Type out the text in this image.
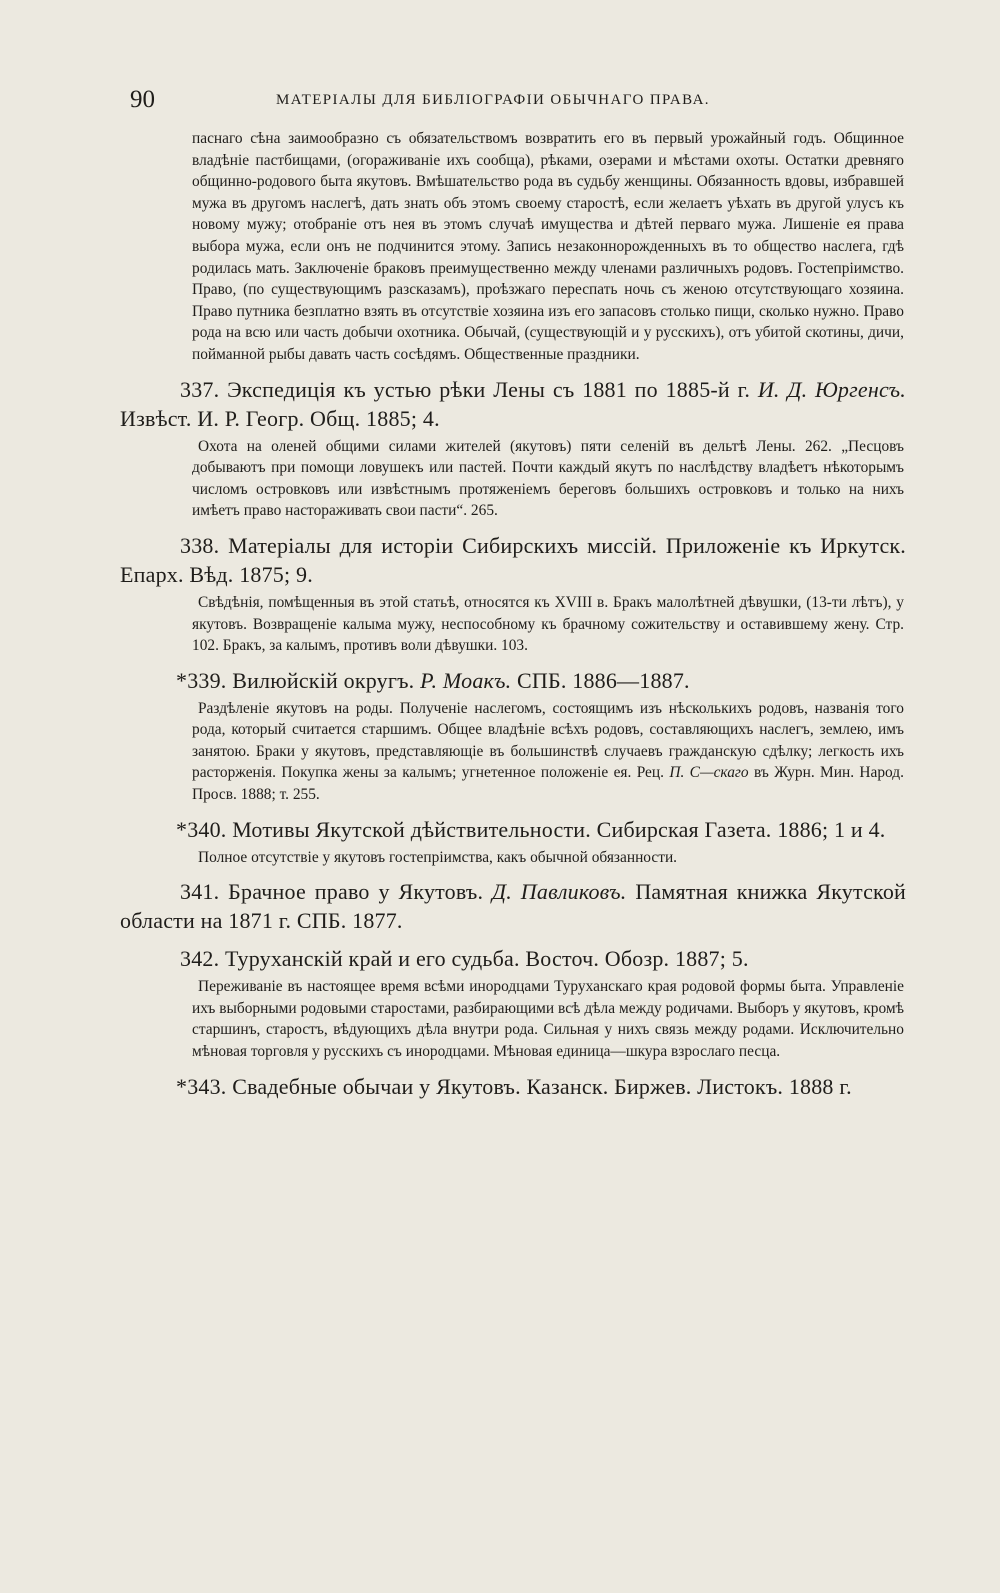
90	МАТЕРІАЛЫ ДЛЯ БИБЛІОГРАФІИ ОБЫЧНАГО ПРАВА.

паснаго сѣна заимообразно съ обязательствомъ возвратить его въ первый урожайный годъ. Общинное владѣніе пастбищами, (огораживаніе ихъ сообща), рѣками, озерами и мѣстами охоты. Остатки древняго общинно-родового быта якутовъ. Вмѣшательство рода въ судьбу женщины. Обязанность вдовы, избравшей мужа въ другомъ наслегѣ, дать знать объ этомъ своему старостѣ, если желаетъ уѣхать въ другой улусъ къ новому мужу; отобраніе отъ нея въ этомъ случаѣ имущества и дѣтей перваго мужа. Лишеніе ея права выбора мужа, если онъ не подчинится этому. Запись незаконнорожденныхъ въ то общество наслега, гдѣ родилась мать. Заключеніе браковъ преимущественно между членами различныхъ родовъ. Гостепріимство. Право, (по существующимъ разсказамъ), проѣзжаго переспать ночь съ женою отсутствующаго хозяина. Право путника безплатно взять въ отсутствіе хозяина изъ его запасовъ столько пищи, сколько нужно. Право рода на всю или часть добычи охотника. Обычай, (существующій и у русскихъ), отъ убитой скотины, дичи, пойманной рыбы давать часть сосѣдямъ. Общественные праздники.

337. Экспедиція къ устью рѣки Лены съ 1881 по 1885-й г. И. Д. Юргенсъ. Извѣст. И. Р. Геогр. Общ. 1885; 4.

Охота на оленей общими силами жителей (якутовъ) пяти селеній въ дельтѣ Лены. 262. „Песцовъ добываютъ при помощи ловушекъ или пастей. Почти каждый якутъ по наслѣдству владѣетъ нѣкоторымъ числомъ островковъ или извѣстнымъ протяженіемъ береговъ большихъ островковъ и только на нихъ имѣетъ право настораживать свои пасти“. 265.

338. Матеріалы для исторіи Сибирскихъ миссій. Приложеніе къ Иркутск. Епарх. Вѣд. 1875; 9.

Свѣдѣнія, помѣщенныя въ этой статьѣ, относятся къ XVIII в. Бракъ малолѣтней дѣвушки, (13-ти лѣтъ), у якутовъ. Возвращеніе калыма мужу, неспособному къ брачному сожительству и оставившему жену. Стр. 102. Бракъ, за калымъ, противъ воли дѣвушки. 103.

*339. Вилюйскій округъ. Р. Моакъ. СПБ. 1886—1887.

Раздѣленіе якутовъ на роды. Полученіе наслегомъ, состоящимъ изъ нѣсколькихъ родовъ, названія того рода, который считается старшимъ. Общее владѣніе всѣхъ родовъ, составляющихъ наслегъ, землею, имъ занятою. Браки у якутовъ, представляющіе въ большинствѣ случаевъ гражданскую сдѣлку; легкость ихъ расторженія. Покупка жены за калымъ; угнетенное положеніе ея. Рец. П. С—скаго въ Журн. Мин. Народ. Просв. 1888; т. 255.

*340. Мотивы Якутской дѣйствительности. Сибирская Газета. 1886; 1 и 4.

Полное отсутствіе у якутовъ гостепріимства, какъ обычной обязанности.

341. Брачное право у Якутовъ. Д. Павликовъ. Памятная книжка Якутской области на 1871 г. СПБ. 1877.

342. Туруханскій край и его судьба. Восточ. Обозр. 1887; 5.

Переживаніе въ настоящее время всѣми инородцами Туруханскаго края родовой формы быта. Управленіе ихъ выборными родовыми старостами, разбирающими всѣ дѣла между родичами. Выборъ у якутовъ, кромѣ старшинъ, старостъ, вѣдующихъ дѣла внутри рода. Сильная у нихъ связь между родами. Исключительно мѣновая торговля у русскихъ съ инородцами. Мѣновая единица—шкура взрослаго песца.

*343. Свадебные обычаи у Якутовъ. Казанск. Биржев. Листокъ. 1888 г.
